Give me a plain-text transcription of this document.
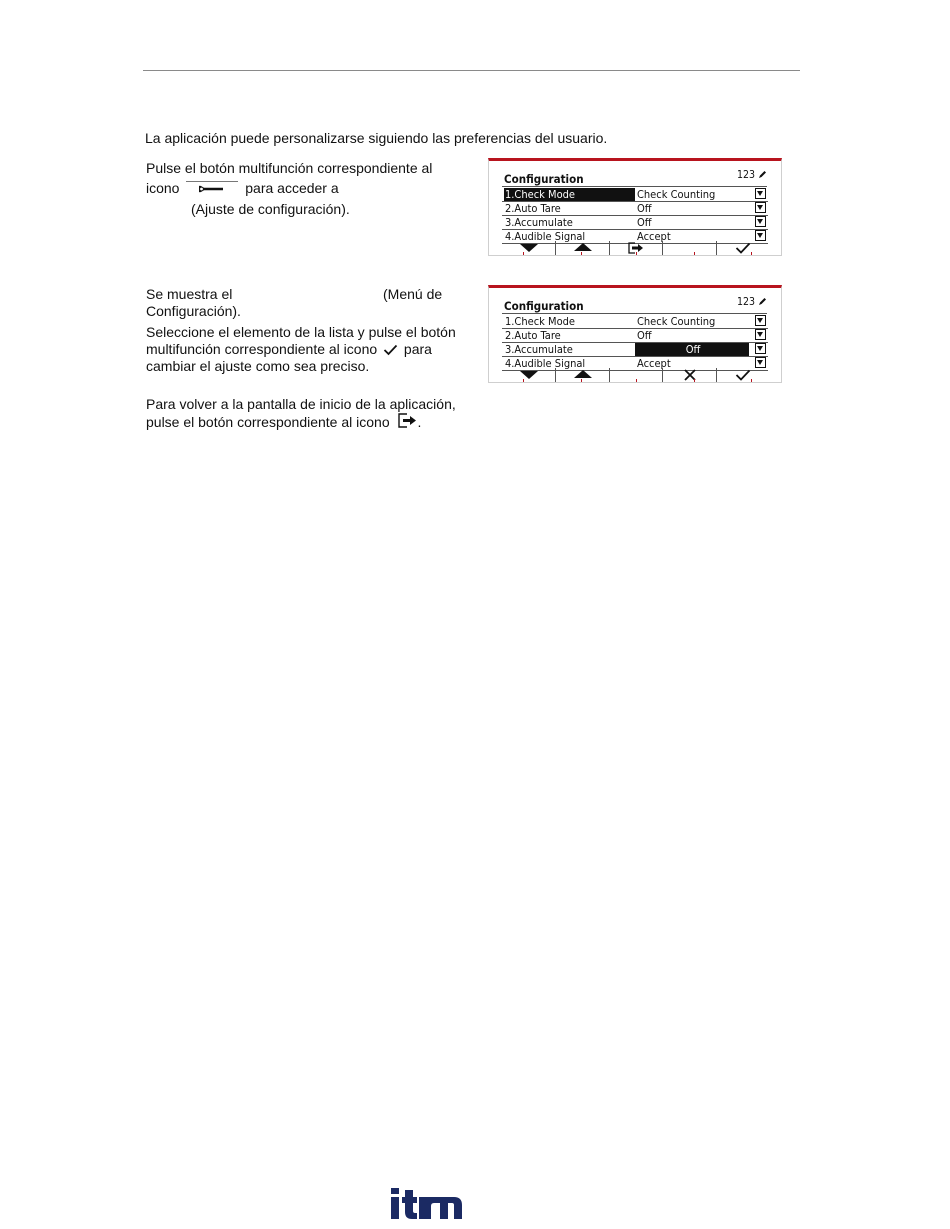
La aplicación puede personalizarse siguiendo las preferencias del usuario.
Pulse el botón multifunción correspondiente al
icono	para acceder a
(Ajuste de configuración).
Configuration	123
1.Check Mode	Check Counting
2.Auto Tare	Off
3.Accumulate	Off
4.Audible Signal	Accept
Se muestra el	(Menú de
Configuración).
Seleccione el elemento de la lista y pulse el botón
multifunción correspondiente al icono para
cambiar el ajuste como sea preciso.
Configuration	123
1.Check Mode	Check Counting
2.Auto Tare	Off
3.Accumulate	Off
4.Audible Signal	Accept
Para volver a la pantalla de inicio de la aplicación,
pulse el botón correspondiente al icono .
